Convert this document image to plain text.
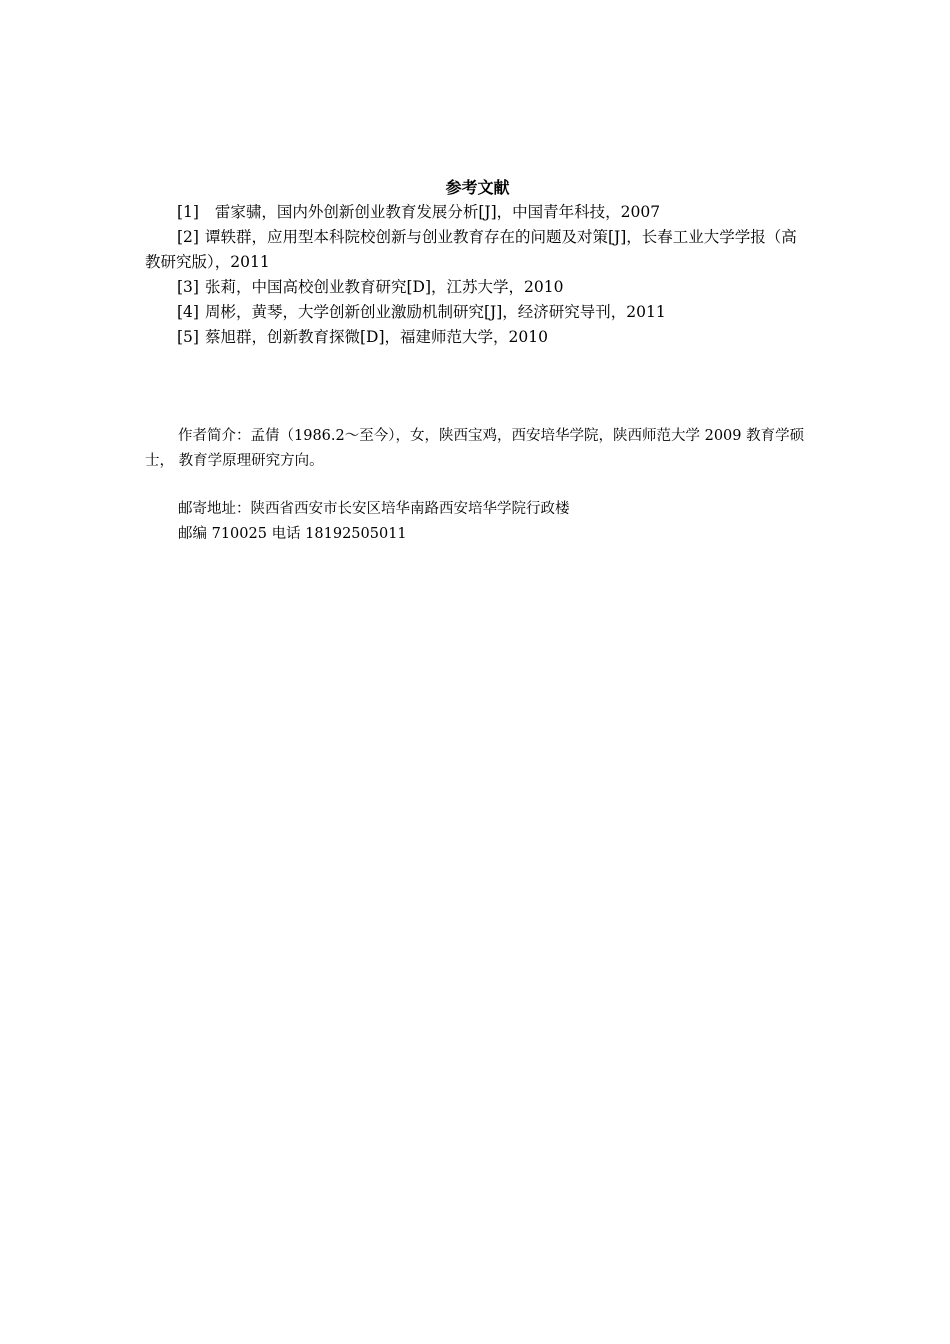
参考文献
[1]  雷家骕，国内外创新创业教育发展分析[J]，中国青年科技，2007
[2] 谭轶群，应用型本科院校创新与创业教育存在的问题及对策[J]，长春工业大学学报（高教研究版），2011
[3] 张莉，中国高校创业教育研究[D]，江苏大学，2010
[4] 周彬，黄琴，大学创新创业激励机制研究[J]，经济研究导刊，2011
[5] 蔡旭群，创新教育探微[D]，福建师范大学，2010
作者简介：孟倩（1986.2～至今），女，陕西宝鸡，西安培华学院，陕西师范大学 2009 教育学硕士， 教育学原理研究方向。
邮寄地址：陕西省西安市长安区培华南路西安培华学院行政楼
邮编 710025 电话 18192505011
